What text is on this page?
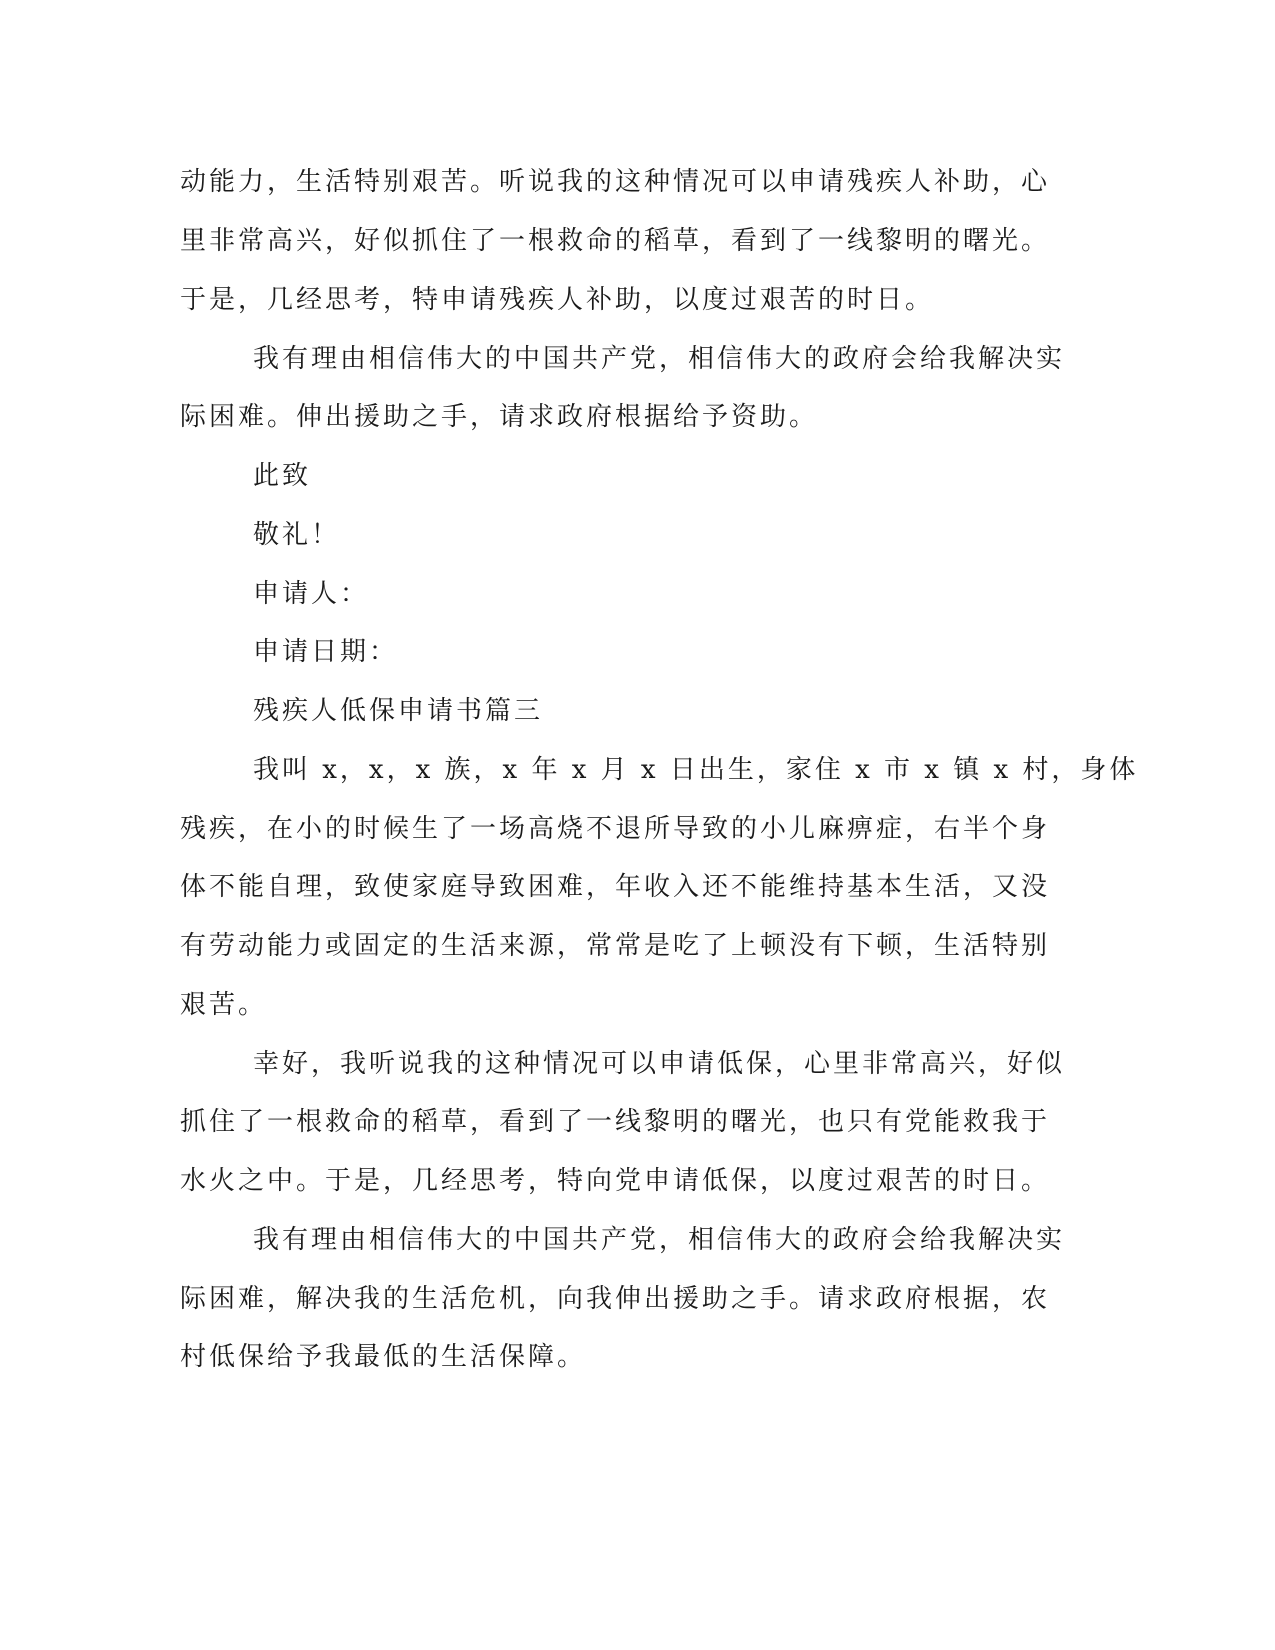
动能力，生活特别艰苦。听说我的这种情况可以申请残疾人补助，心
里非常高兴，好似抓住了一根救命的稻草，看到了一线黎明的曙光。
于是，几经思考，特申请残疾人补助，以度过艰苦的时日。
我有理由相信伟大的中国共产党，相信伟大的政府会给我解决实
际困难。伸出援助之手，请求政府根据给予资助。
此致
敬礼！
申请人：
申请日期：
残疾人低保申请书篇三
我叫 x，x，x 族，x 年 x 月 x 日出生，家住 x 市 x 镇 x 村，身体
残疾，在小的时候生了一场高烧不退所导致的小儿麻痹症，右半个身
体不能自理，致使家庭导致困难，年收入还不能维持基本生活，又没
有劳动能力或固定的生活来源，常常是吃了上顿没有下顿，生活特别
艰苦。
幸好，我听说我的这种情况可以申请低保，心里非常高兴，好似
抓住了一根救命的稻草，看到了一线黎明的曙光，也只有党能救我于
水火之中。于是，几经思考，特向党申请低保，以度过艰苦的时日。
我有理由相信伟大的中国共产党，相信伟大的政府会给我解决实
际困难，解决我的生活危机，向我伸出援助之手。请求政府根据，农
村低保给予我最低的生活保障。
